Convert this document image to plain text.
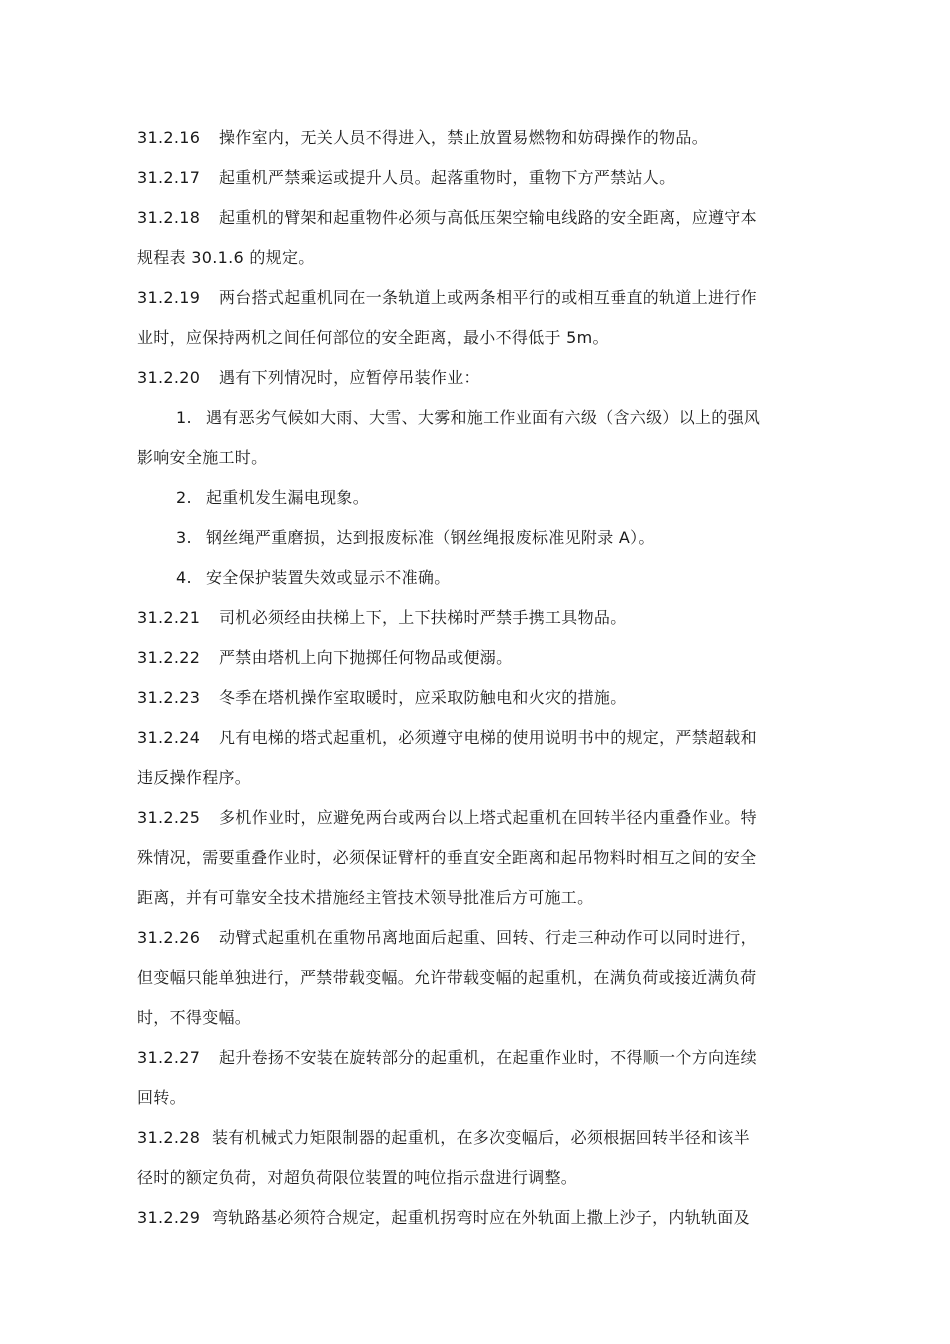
31.2.16 操作室内，无关人员不得进入，禁止放置易燃物和妨碍操作的物品。
31.2.17 起重机严禁乘运或提升人员。起落重物时，重物下方严禁站人。
31.2.18 起重机的臂架和起重物件必须与高低压架空输电线路的安全距离，应遵守本
规程表 30.1.6 的规定。
31.2.19 两台搭式起重机同在一条轨道上或两条相平行的或相互垂直的轨道上进行作
业时，应保持两机之间任何部位的安全距离，最小不得低于 5m。
31.2.20 遇有下列情况时，应暂停吊装作业：
1. 遇有恶劣气候如大雨、大雪、大雾和施工作业面有六级（含六级）以上的强风
影响安全施工时。
2. 起重机发生漏电现象。
3. 钢丝绳严重磨损，达到报废标准（钢丝绳报废标准见附录 A）。
4. 安全保护装置失效或显示不准确。
31.2.21 司机必须经由扶梯上下，上下扶梯时严禁手携工具物品。
31.2.22 严禁由塔机上向下抛掷任何物品或便溺。
31.2.23 冬季在塔机操作室取暖时，应采取防触电和火灾的措施。
31.2.24 凡有电梯的塔式起重机，必须遵守电梯的使用说明书中的规定，严禁超载和
违反操作程序。
31.2.25 多机作业时，应避免两台或两台以上塔式起重机在回转半径内重叠作业。特
殊情况，需要重叠作业时，必须保证臂杆的垂直安全距离和起吊物料时相互之间的安全
距离，并有可靠安全技术措施经主管技术领导批准后方可施工。
31.2.26 动臂式起重机在重物吊离地面后起重、回转、行走三种动作可以同时进行，
但变幅只能单独进行，严禁带载变幅。允许带载变幅的起重机，在满负荷或接近满负荷
时，不得变幅。
31.2.27 起升卷扬不安装在旋转部分的起重机，在起重作业时，不得顺一个方向连续
回转。
31.2.28 装有机械式力矩限制器的起重机，在多次变幅后，必须根据回转半径和该半
径时的额定负荷，对超负荷限位装置的吨位指示盘进行调整。
31.2.29 弯轨路基必须符合规定，起重机拐弯时应在外轨面上撒上沙子，内轨轨面及
